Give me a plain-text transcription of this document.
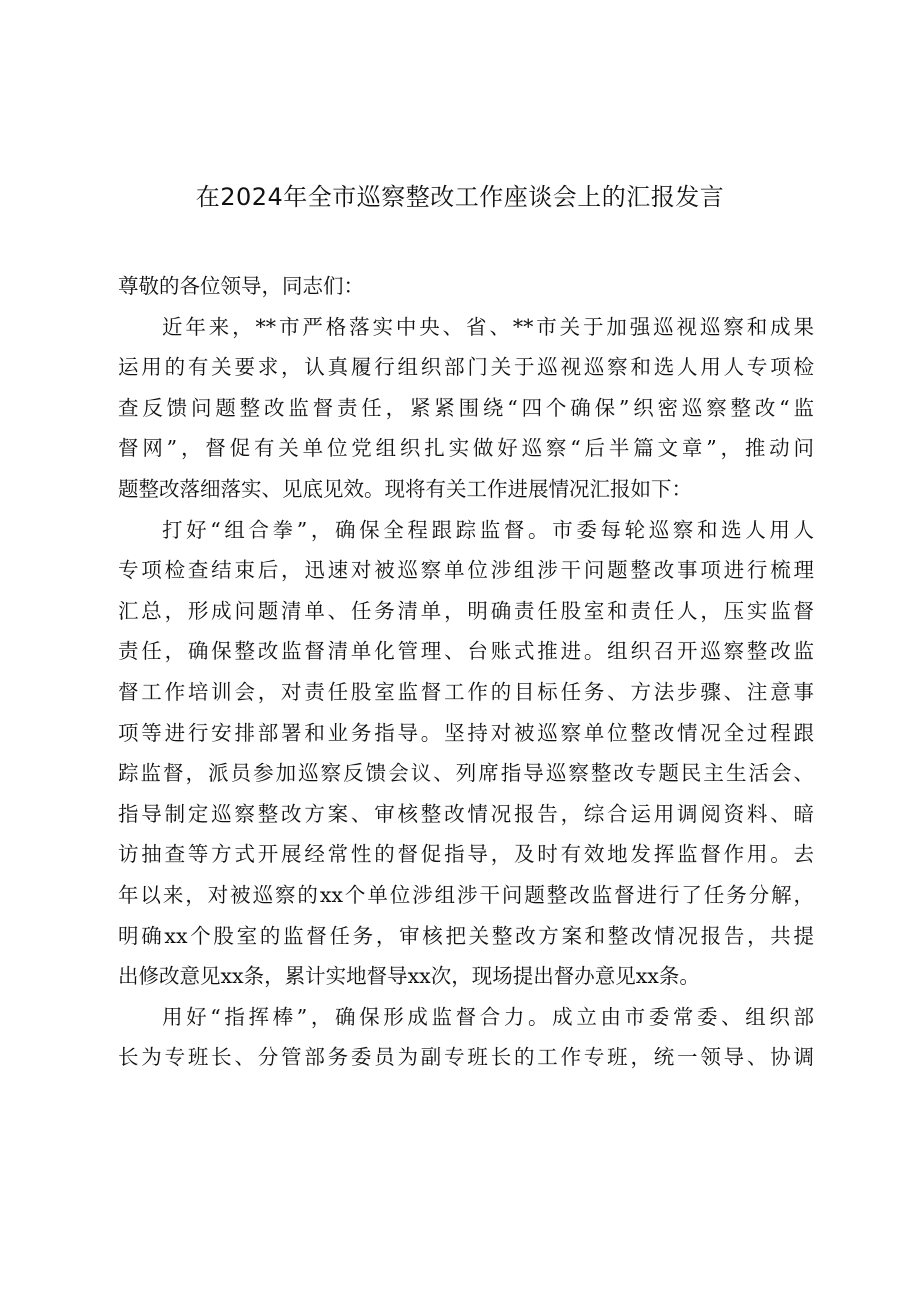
在2024年全市巡察整改工作座谈会上的汇报发言

尊敬的各位领导，同志们：

近年来，**市严格落实中央、省、**市关于加强巡视巡察和成果
运用的有关要求，认真履行组织部门关于巡视巡察和选人用人专项检
查反馈问题整改监督责任，紧紧围绕“四个确保”织密巡察整改“监
督网”，督促有关单位党组织扎实做好巡察“后半篇文章”，推动问
题整改落细落实、见底见效。现将有关工作进展情况汇报如下：

打好“组合拳”，确保全程跟踪监督。市委每轮巡察和选人用人
专项检查结束后，迅速对被巡察单位涉组涉干问题整改事项进行梳理
汇总，形成问题清单、任务清单，明确责任股室和责任人，压实监督
责任，确保整改监督清单化管理、台账式推进。组织召开巡察整改监
督工作培训会，对责任股室监督工作的目标任务、方法步骤、注意事
项等进行安排部署和业务指导。坚持对被巡察单位整改情况全过程跟
踪监督，派员参加巡察反馈会议、列席指导巡察整改专题民主生活会、
指导制定巡察整改方案、审核整改情况报告，综合运用调阅资料、暗
访抽查等方式开展经常性的督促指导，及时有效地发挥监督作用。去
年以来，对被巡察的xx个单位涉组涉干问题整改监督进行了任务分解，
明确xx个股室的监督任务，审核把关整改方案和整改情况报告，共提
出修改意见xx条，累计实地督导xx次，现场提出督办意见xx条。

用好“指挥棒”，确保形成监督合力。成立由市委常委、组织部
长为专班长、分管部务委员为副专班长的工作专班，统一领导、协调
